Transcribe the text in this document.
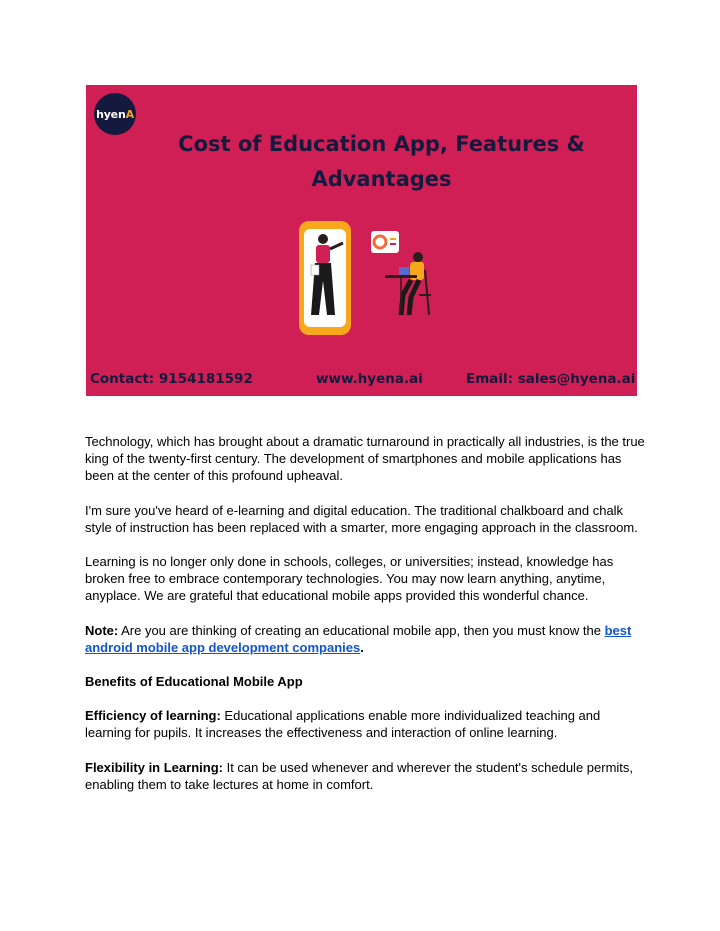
hyen A
Cost of Education App, Features &
Advantages
Contact: 9154181592	www.hyena.ai	Email: sales@hyena.ai

Technology, which has brought about a dramatic turnaround in practically all industries, is the true king of the twenty-first century. The development of smartphones and mobile applications has been at the center of this profound upheaval.

I'm sure you've heard of e-learning and digital education. The traditional chalkboard and chalk style of instruction has been replaced with a smarter, more engaging approach in the classroom.

Learning is no longer only done in schools, colleges, or universities; instead, knowledge has broken free to embrace contemporary technologies. You may now learn anything, anytime, anyplace. We are grateful that educational mobile apps provided this wonderful chance.

Note: Are you are thinking of creating an educational mobile app, then you must know the best android mobile app development companies.

Benefits of Educational Mobile App

Efficiency of learning: Educational applications enable more individualized teaching and learning for pupils. It increases the effectiveness and interaction of online learning.

Flexibility in Learning: It can be used whenever and wherever the student's schedule permits, enabling them to take lectures at home in comfort.
